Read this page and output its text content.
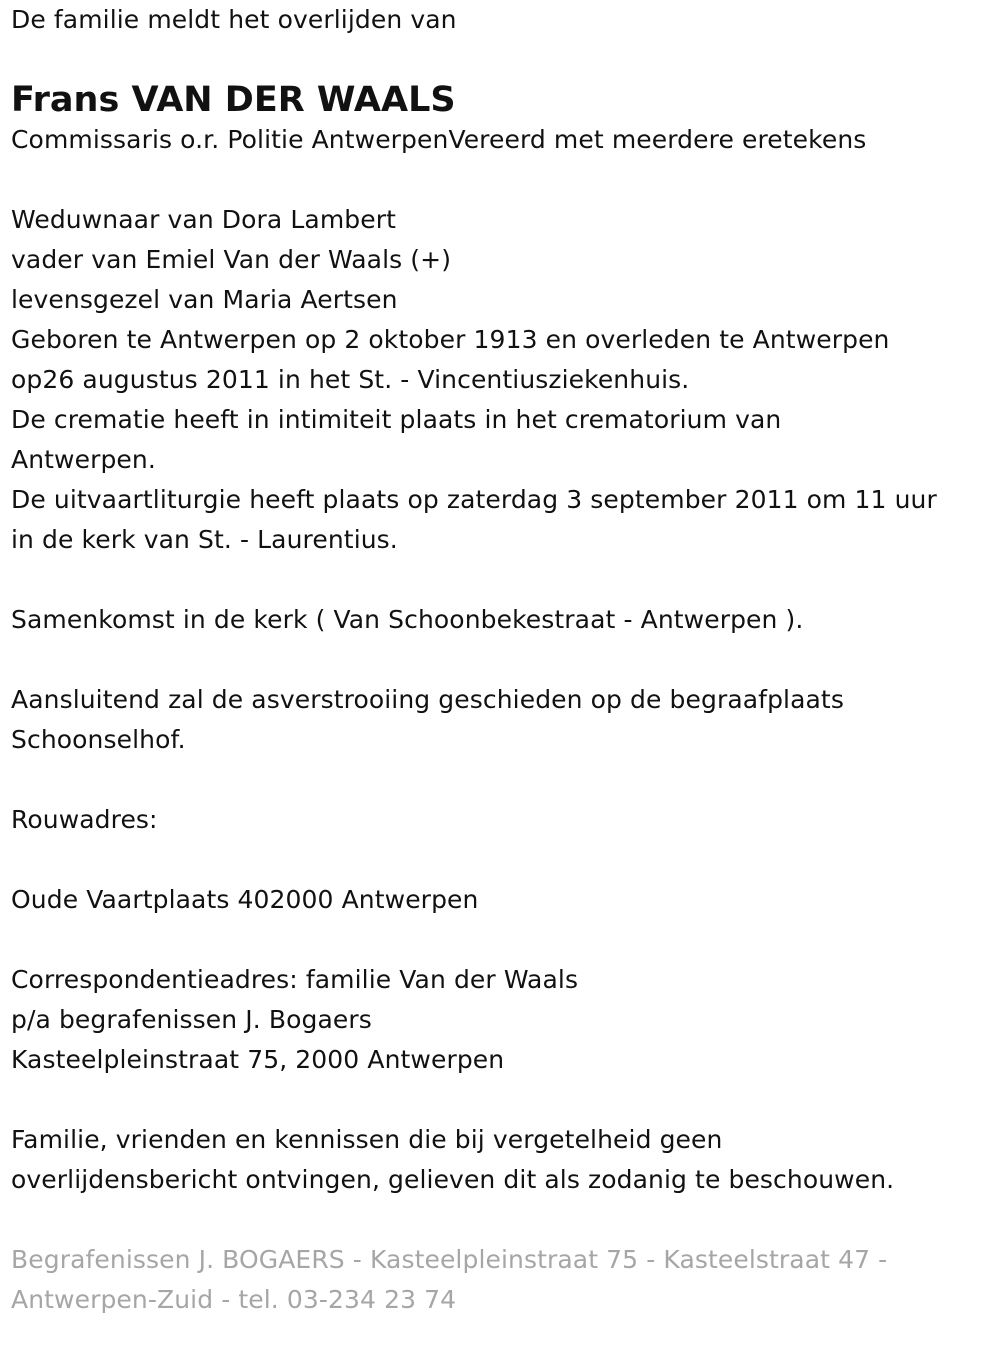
De familie meldt het overlijden van
Frans VAN DER WAALS
Commissaris o.r. Politie AntwerpenVereerd met meerdere eretekens
Weduwnaar van Dora Lambert
vader van Emiel Van der Waals (+)
levensgezel van Maria Aertsen
Geboren te Antwerpen op 2 oktober 1913 en overleden te Antwerpen
op26 augustus 2011 in het St. - Vincentiusziekenhuis.
De crematie heeft in intimiteit plaats in het crematorium van
Antwerpen.
De uitvaartliturgie heeft plaats op zaterdag 3 september 2011 om 11 uur
in de kerk van St. - Laurentius.
Samenkomst in de kerk ( Van Schoonbekestraat - Antwerpen ).
Aansluitend zal de asverstrooiing geschieden op de begraafplaats
Schoonselhof.
Rouwadres:
Oude Vaartplaats 402000 Antwerpen
Correspondentieadres: familie Van der Waals
p/a begrafenissen J. Bogaers
Kasteelpleinstraat 75, 2000 Antwerpen
Familie, vrienden en kennissen die bij vergetelheid geen
overlijdensbericht ontvingen, gelieven dit als zodanig te beschouwen.
Begrafenissen J. BOGAERS - Kasteelpleinstraat 75 - Kasteelstraat 47 -
Antwerpen-Zuid - tel. 03-234 23 74
